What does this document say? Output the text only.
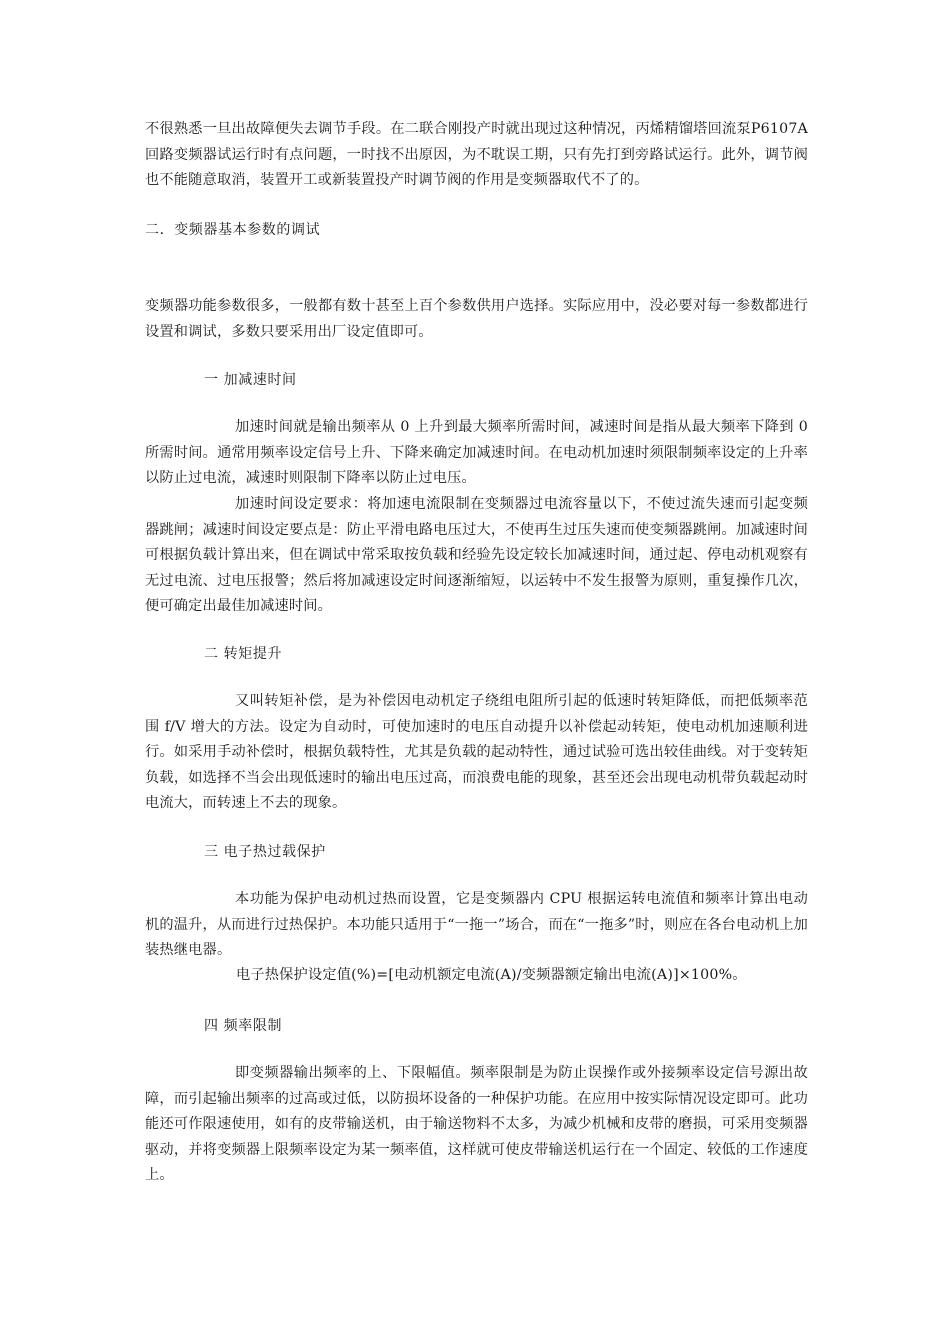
不很熟悉一旦出故障便失去调节手段。在二联合刚投产时就出现过这种情况，丙烯精馏塔回流泵P6107A回路变频器试运行时有点问题，一时找不出原因，为不耽误工期，只有先打到旁路试运行。此外，调节阀也不能随意取消，装置开工或新装置投产时调节阀的作用是变频器取代不了的。

二．变频器基本参数的调试

变频器功能参数很多，一般都有数十甚至上百个参数供用户选择。实际应用中，没必要对每一参数都进行设置和调试，多数只要采用出厂设定值即可。

一 加减速时间

加速时间就是输出频率从 0 上升到最大频率所需时间，减速时间是指从最大频率下降到 0 所需时间。通常用频率设定信号上升、下降来确定加减速时间。在电动机加速时须限制频率设定的上升率以防止过电流，减速时则限制下降率以防止过电压。

加速时间设定要求：将加速电流限制在变频器过电流容量以下，不使过流失速而引起变频器跳闸；减速时间设定要点是：防止平滑电路电压过大，不使再生过压失速而使变频器跳闸。加减速时间可根据负载计算出来，但在调试中常采取按负载和经验先设定较长加减速时间，通过起、停电动机观察有无过电流、过电压报警；然后将加减速设定时间逐渐缩短，以运转中不发生报警为原则，重复操作几次，便可确定出最佳加减速时间。

二 转矩提升

又叫转矩补偿，是为补偿因电动机定子绕组电阻所引起的低速时转矩降低，而把低频率范围 f/V 增大的方法。设定为自动时，可使加速时的电压自动提升以补偿起动转矩，使电动机加速顺利进行。如采用手动补偿时，根据负载特性，尤其是负载的起动特性，通过试验可选出较佳曲线。对于变转矩负载，如选择不当会出现低速时的输出电压过高，而浪费电能的现象，甚至还会出现电动机带负载起动时电流大，而转速上不去的现象。

三 电子热过载保护

本功能为保护电动机过热而设置，它是变频器内 CPU 根据运转电流值和频率计算出电动机的温升，从而进行过热保护。本功能只适用于“一拖一”场合，而在“一拖多”时，则应在各台电动机上加装热继电器。

电子热保护设定值(%)=[电动机额定电流(A)/变频器额定输出电流(A)]×100%。

四 频率限制

即变频器输出频率的上、下限幅值。频率限制是为防止误操作或外接频率设定信号源出故障，而引起输出频率的过高或过低，以防损坏设备的一种保护功能。在应用中按实际情况设定即可。此功能还可作限速使用，如有的皮带输送机，由于输送物料不太多，为减少机械和皮带的磨损，可采用变频器驱动，并将变频器上限频率设定为某一频率值，这样就可使皮带输送机运行在一个固定、较低的工作速度上。
